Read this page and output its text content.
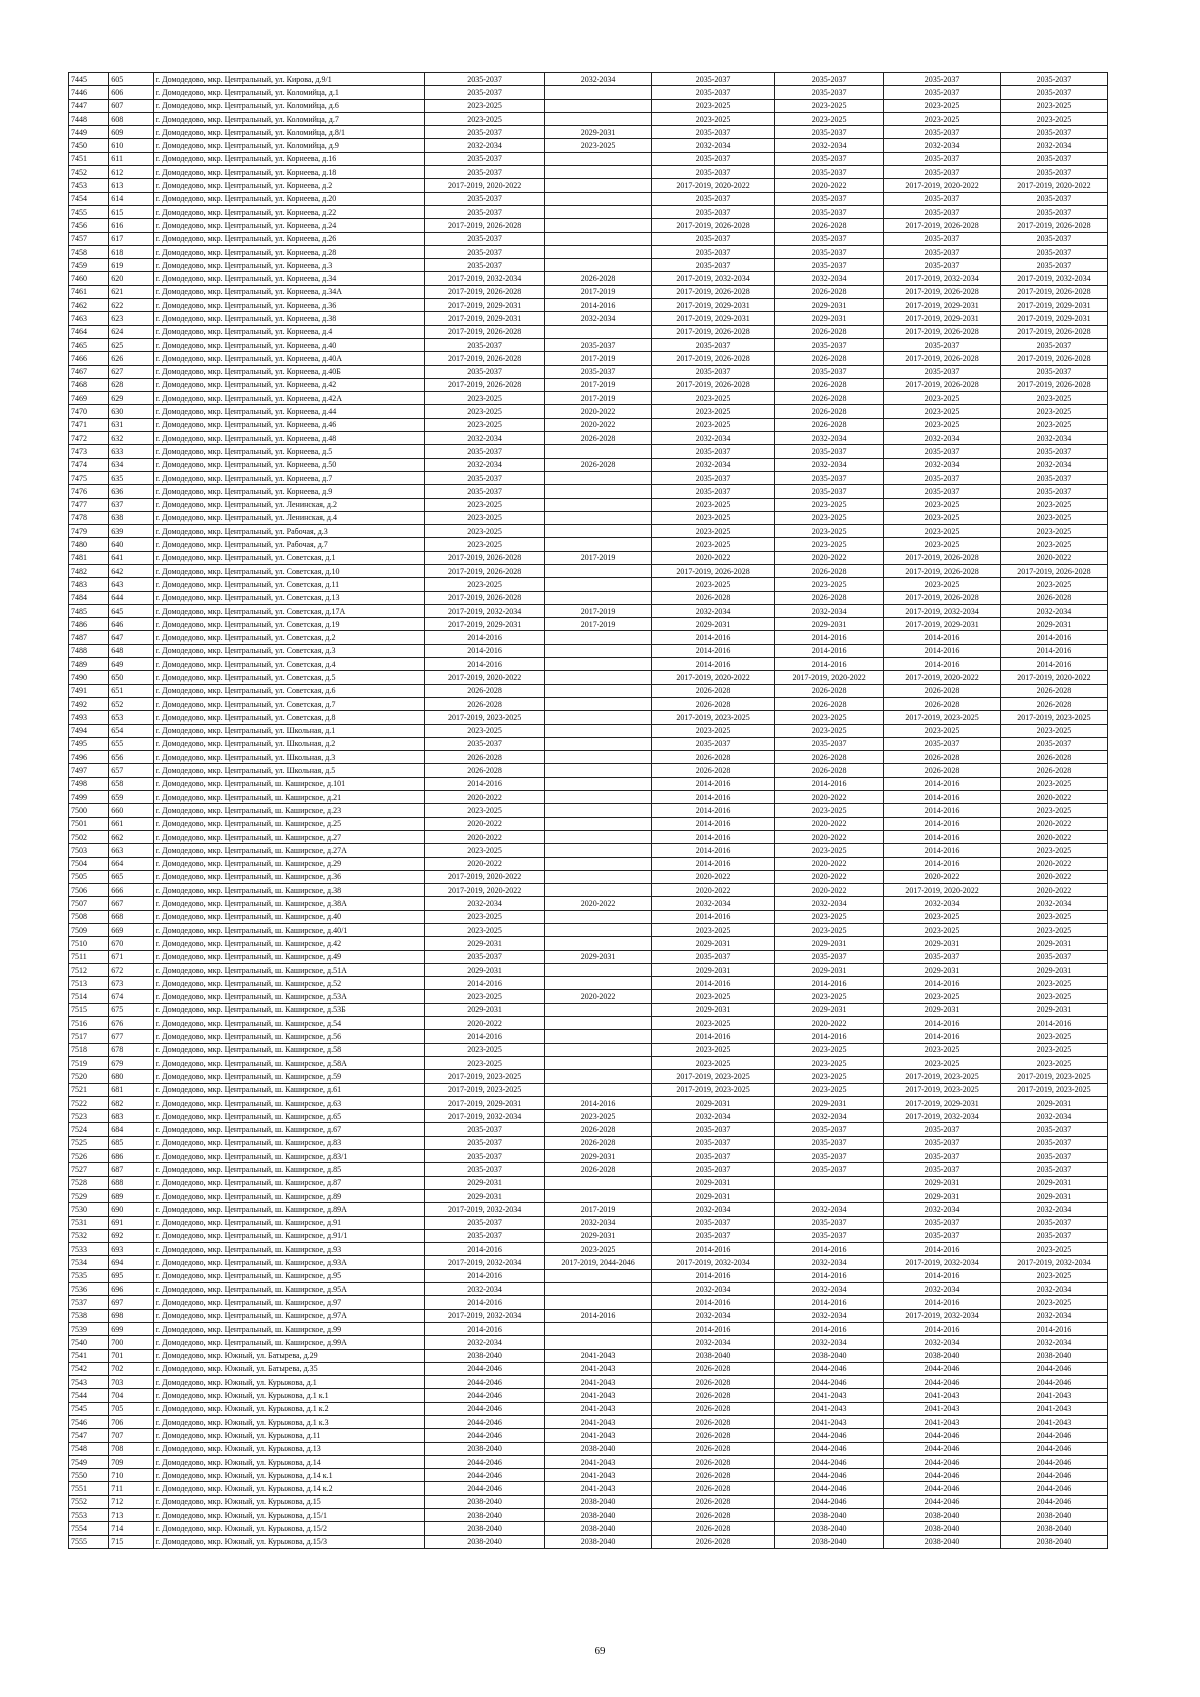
7445	605	г. Домодедово, мкр. Центральный, ул. Кирова, д.9/1	2035-2037	2032-2034	2035-2037	2035-2037	2035-2037	2035-2037
7446	606	г. Домодедово, мкр. Центральный, ул. Коломийца, д.1	2035-2037		2035-2037	2035-2037	2035-2037	2035-2037
7447	607	г. Домодедово, мкр. Центральный, ул. Коломийца, д.6	2023-2025		2023-2025	2023-2025	2023-2025	2023-2025
7448	608	г. Домодедово, мкр. Центральный, ул. Коломийца, д.7	2023-2025		2023-2025	2023-2025	2023-2025	2023-2025
7449	609	г. Домодедово, мкр. Центральный, ул. Коломийца, д.8/1	2035-2037	2029-2031	2035-2037	2035-2037	2035-2037	2035-2037
7450	610	г. Домодедово, мкр. Центральный, ул. Коломийца, д.9	2032-2034	2023-2025	2032-2034	2032-2034	2032-2034	2032-2034
7451	611	г. Домодедово, мкр. Центральный, ул. Корнеева, д.16	2035-2037		2035-2037	2035-2037	2035-2037	2035-2037
7452	612	г. Домодедово, мкр. Центральный, ул. Корнеева, д.18	2035-2037		2035-2037	2035-2037	2035-2037	2035-2037
7453	613	г. Домодедово, мкр. Центральный, ул. Корнеева, д.2	2017-2019, 2020-2022		2017-2019, 2020-2022	2020-2022	2017-2019, 2020-2022	2017-2019, 2020-2022
7454	614	г. Домодедово, мкр. Центральный, ул. Корнеева, д.20	2035-2037		2035-2037	2035-2037	2035-2037	2035-2037
7455	615	г. Домодедово, мкр. Центральный, ул. Корнеева, д.22	2035-2037		2035-2037	2035-2037	2035-2037	2035-2037
7456	616	г. Домодедово, мкр. Центральный, ул. Корнеева, д.24	2017-2019, 2026-2028		2017-2019, 2026-2028	2026-2028	2017-2019, 2026-2028	2017-2019, 2026-2028
7457	617	г. Домодедово, мкр. Центральный, ул. Корнеева, д.26	2035-2037		2035-2037	2035-2037	2035-2037	2035-2037
7458	618	г. Домодедово, мкр. Центральный, ул. Корнеева, д.28	2035-2037		2035-2037	2035-2037	2035-2037	2035-2037
7459	619	г. Домодедово, мкр. Центральный, ул. Корнеева, д.3	2035-2037		2035-2037	2035-2037	2035-2037	2035-2037
7460	620	г. Домодедово, мкр. Центральный, ул. Корнеева, д.34	2017-2019, 2032-2034	2026-2028	2017-2019, 2032-2034	2032-2034	2017-2019, 2032-2034	2017-2019, 2032-2034
7461	621	г. Домодедово, мкр. Центральный, ул. Корнеева, д.34А	2017-2019, 2026-2028	2017-2019	2017-2019, 2026-2028	2026-2028	2017-2019, 2026-2028	2017-2019, 2026-2028
7462	622	г. Домодедово, мкр. Центральный, ул. Корнеева, д.36	2017-2019, 2029-2031	2014-2016	2017-2019, 2029-2031	2029-2031	2017-2019, 2029-2031	2017-2019, 2029-2031
7463	623	г. Домодедово, мкр. Центральный, ул. Корнеева, д.38	2017-2019, 2029-2031	2032-2034	2017-2019, 2029-2031	2029-2031	2017-2019, 2029-2031	2017-2019, 2029-2031
7464	624	г. Домодедово, мкр. Центральный, ул. Корнеева, д.4	2017-2019, 2026-2028		2017-2019, 2026-2028	2026-2028	2017-2019, 2026-2028	2017-2019, 2026-2028
7465	625	г. Домодедово, мкр. Центральный, ул. Корнеева, д.40	2035-2037	2035-2037	2035-2037	2035-2037	2035-2037	2035-2037
7466	626	г. Домодедово, мкр. Центральный, ул. Корнеева, д.40А	2017-2019, 2026-2028	2017-2019	2017-2019, 2026-2028	2026-2028	2017-2019, 2026-2028	2017-2019, 2026-2028
7467	627	г. Домодедово, мкр. Центральный, ул. Корнеева, д.40Б	2035-2037	2035-2037	2035-2037	2035-2037	2035-2037	2035-2037
7468	628	г. Домодедово, мкр. Центральный, ул. Корнеева, д.42	2017-2019, 2026-2028	2017-2019	2017-2019, 2026-2028	2026-2028	2017-2019, 2026-2028	2017-2019, 2026-2028
7469	629	г. Домодедово, мкр. Центральный, ул. Корнеева, д.42А	2023-2025	2017-2019	2023-2025	2026-2028	2023-2025	2023-2025
7470	630	г. Домодедово, мкр. Центральный, ул. Корнеева, д.44	2023-2025	2020-2022	2023-2025	2026-2028	2023-2025	2023-2025
7471	631	г. Домодедово, мкр. Центральный, ул. Корнеева, д.46	2023-2025	2020-2022	2023-2025	2026-2028	2023-2025	2023-2025
7472	632	г. Домодедово, мкр. Центральный, ул. Корнеева, д.48	2032-2034	2026-2028	2032-2034	2032-2034	2032-2034	2032-2034
7473	633	г. Домодедово, мкр. Центральный, ул. Корнеева, д.5	2035-2037		2035-2037	2035-2037	2035-2037	2035-2037
7474	634	г. Домодедово, мкр. Центральный, ул. Корнеева, д.50	2032-2034	2026-2028	2032-2034	2032-2034	2032-2034	2032-2034
7475	635	г. Домодедово, мкр. Центральный, ул. Корнеева, д.7	2035-2037		2035-2037	2035-2037	2035-2037	2035-2037
7476	636	г. Домодедово, мкр. Центральный, ул. Корнеева, д.9	2035-2037		2035-2037	2035-2037	2035-2037	2035-2037
7477	637	г. Домодедово, мкр. Центральный, ул. Ленинская, д.2	2023-2025		2023-2025	2023-2025	2023-2025	2023-2025
7478	638	г. Домодедово, мкр. Центральный, ул. Ленинская, д.4	2023-2025		2023-2025	2023-2025	2023-2025	2023-2025
7479	639	г. Домодедово, мкр. Центральный, ул. Рабочая, д.3	2023-2025		2023-2025	2023-2025	2023-2025	2023-2025
7480	640	г. Домодедово, мкр. Центральный, ул. Рабочая, д.7	2023-2025		2023-2025	2023-2025	2023-2025	2023-2025
7481	641	г. Домодедово, мкр. Центральный, ул. Советская, д.1	2017-2019, 2026-2028	2017-2019	2020-2022	2020-2022	2017-2019, 2026-2028	2020-2022
7482	642	г. Домодедово, мкр. Центральный, ул. Советская, д.10	2017-2019, 2026-2028		2017-2019, 2026-2028	2026-2028	2017-2019, 2026-2028	2017-2019, 2026-2028
7483	643	г. Домодедово, мкр. Центральный, ул. Советская, д.11	2023-2025		2023-2025	2023-2025	2023-2025	2023-2025
7484	644	г. Домодедово, мкр. Центральный, ул. Советская, д.13	2017-2019, 2026-2028		2026-2028	2026-2028	2017-2019, 2026-2028	2026-2028
7485	645	г. Домодедово, мкр. Центральный, ул. Советская, д.17А	2017-2019, 2032-2034	2017-2019	2032-2034	2032-2034	2017-2019, 2032-2034	2032-2034
7486	646	г. Домодедово, мкр. Центральный, ул. Советская, д.19	2017-2019, 2029-2031	2017-2019	2029-2031	2029-2031	2017-2019, 2029-2031	2029-2031
7487	647	г. Домодедово, мкр. Центральный, ул. Советская, д.2	2014-2016		2014-2016	2014-2016	2014-2016	2014-2016
7488	648	г. Домодедово, мкр. Центральный, ул. Советская, д.3	2014-2016		2014-2016	2014-2016	2014-2016	2014-2016
7489	649	г. Домодедово, мкр. Центральный, ул. Советская, д.4	2014-2016		2014-2016	2014-2016	2014-2016	2014-2016
7490	650	г. Домодедово, мкр. Центральный, ул. Советская, д.5	2017-2019, 2020-2022		2017-2019, 2020-2022	2017-2019, 2020-2022	2017-2019, 2020-2022	2017-2019, 2020-2022
7491	651	г. Домодедово, мкр. Центральный, ул. Советская, д.6	2026-2028		2026-2028	2026-2028	2026-2028	2026-2028
7492	652	г. Домодедово, мкр. Центральный, ул. Советская, д.7	2026-2028		2026-2028	2026-2028	2026-2028	2026-2028
7493	653	г. Домодедово, мкр. Центральный, ул. Советская, д.8	2017-2019, 2023-2025		2017-2019, 2023-2025	2023-2025	2017-2019, 2023-2025	2017-2019, 2023-2025
7494	654	г. Домодедово, мкр. Центральный, ул. Школьная, д.1	2023-2025		2023-2025	2023-2025	2023-2025	2023-2025
7495	655	г. Домодедово, мкр. Центральный, ул. Школьная, д.2	2035-2037		2035-2037	2035-2037	2035-2037	2035-2037
7496	656	г. Домодедово, мкр. Центральный, ул. Школьная, д.3	2026-2028		2026-2028	2026-2028	2026-2028	2026-2028
7497	657	г. Домодедово, мкр. Центральный, ул. Школьная, д.5	2026-2028		2026-2028	2026-2028	2026-2028	2026-2028
7498	658	г. Домодедово, мкр. Центральный, ш. Каширское, д.101	2014-2016		2014-2016	2014-2016	2014-2016	2023-2025
7499	659	г. Домодедово, мкр. Центральный, ш. Каширское, д.21	2020-2022		2014-2016	2020-2022	2014-2016	2020-2022
7500	660	г. Домодедово, мкр. Центральный, ш. Каширское, д.23	2023-2025		2014-2016	2023-2025	2014-2016	2023-2025
7501	661	г. Домодедово, мкр. Центральный, ш. Каширское, д.25	2020-2022		2014-2016	2020-2022	2014-2016	2020-2022
7502	662	г. Домодедово, мкр. Центральный, ш. Каширское, д.27	2020-2022		2014-2016	2020-2022	2014-2016	2020-2022
7503	663	г. Домодедово, мкр. Центральный, ш. Каширское, д.27А	2023-2025		2014-2016	2023-2025	2014-2016	2023-2025
7504	664	г. Домодедово, мкр. Центральный, ш. Каширское, д.29	2020-2022		2014-2016	2020-2022	2014-2016	2020-2022
7505	665	г. Домодедово, мкр. Центральный, ш. Каширское, д.36	2017-2019, 2020-2022		2020-2022	2020-2022	2020-2022	2020-2022
7506	666	г. Домодедово, мкр. Центральный, ш. Каширское, д.38	2017-2019, 2020-2022		2020-2022	2020-2022	2017-2019, 2020-2022	2020-2022
7507	667	г. Домодедово, мкр. Центральный, ш. Каширское, д.38А	2032-2034	2020-2022	2032-2034	2032-2034	2032-2034	2032-2034
7508	668	г. Домодедово, мкр. Центральный, ш. Каширское, д.40	2023-2025		2014-2016	2023-2025	2023-2025	2023-2025
7509	669	г. Домодедово, мкр. Центральный, ш. Каширское, д.40/1	2023-2025		2023-2025	2023-2025	2023-2025	2023-2025
7510	670	г. Домодедово, мкр. Центральный, ш. Каширское, д.42	2029-2031		2029-2031	2029-2031	2029-2031	2029-2031
7511	671	г. Домодедово, мкр. Центральный, ш. Каширское, д.49	2035-2037	2029-2031	2035-2037	2035-2037	2035-2037	2035-2037
7512	672	г. Домодедово, мкр. Центральный, ш. Каширское, д.51А	2029-2031		2029-2031	2029-2031	2029-2031	2029-2031
7513	673	г. Домодедово, мкр. Центральный, ш. Каширское, д.52	2014-2016		2014-2016	2014-2016	2014-2016	2023-2025
7514	674	г. Домодедово, мкр. Центральный, ш. Каширское, д.53А	2023-2025	2020-2022	2023-2025	2023-2025	2023-2025	2023-2025
7515	675	г. Домодедово, мкр. Центральный, ш. Каширское, д.53Б	2029-2031		2029-2031	2029-2031	2029-2031	2029-2031
7516	676	г. Домодедово, мкр. Центральный, ш. Каширское, д.54	2020-2022		2023-2025	2020-2022	2014-2016	2014-2016
7517	677	г. Домодедово, мкр. Центральный, ш. Каширское, д.56	2014-2016		2014-2016	2014-2016	2014-2016	2023-2025
7518	678	г. Домодедово, мкр. Центральный, ш. Каширское, д.58	2023-2025		2023-2025	2023-2025	2023-2025	2023-2025
7519	679	г. Домодедово, мкр. Центральный, ш. Каширское, д.58А	2023-2025		2023-2025	2023-2025	2023-2025	2023-2025
7520	680	г. Домодедово, мкр. Центральный, ш. Каширское, д.59	2017-2019, 2023-2025		2017-2019, 2023-2025	2023-2025	2017-2019, 2023-2025	2017-2019, 2023-2025
7521	681	г. Домодедово, мкр. Центральный, ш. Каширское, д.61	2017-2019, 2023-2025		2017-2019, 2023-2025	2023-2025	2017-2019, 2023-2025	2017-2019, 2023-2025
7522	682	г. Домодедово, мкр. Центральный, ш. Каширское, д.63	2017-2019, 2029-2031	2014-2016	2029-2031	2029-2031	2017-2019, 2029-2031	2029-2031
7523	683	г. Домодедово, мкр. Центральный, ш. Каширское, д.65	2017-2019, 2032-2034	2023-2025	2032-2034	2032-2034	2017-2019, 2032-2034	2032-2034
7524	684	г. Домодедово, мкр. Центральный, ш. Каширское, д.67	2035-2037	2026-2028	2035-2037	2035-2037	2035-2037	2035-2037
7525	685	г. Домодедово, мкр. Центральный, ш. Каширское, д.83	2035-2037	2026-2028	2035-2037	2035-2037	2035-2037	2035-2037
7526	686	г. Домодедово, мкр. Центральный, ш. Каширское, д.83/1	2035-2037	2029-2031	2035-2037	2035-2037	2035-2037	2035-2037
7527	687	г. Домодедово, мкр. Центральный, ш. Каширское, д.85	2035-2037	2026-2028	2035-2037	2035-2037	2035-2037	2035-2037
7528	688	г. Домодедово, мкр. Центральный, ш. Каширское, д.87	2029-2031		2029-2031		2029-2031	2029-2031
7529	689	г. Домодедово, мкр. Центральный, ш. Каширское, д.89	2029-2031		2029-2031		2029-2031	2029-2031
7530	690	г. Домодедово, мкр. Центральный, ш. Каширское, д.89А	2017-2019, 2032-2034	2017-2019	2032-2034	2032-2034	2032-2034	2032-2034
7531	691	г. Домодедово, мкр. Центральный, ш. Каширское, д.91	2035-2037	2032-2034	2035-2037	2035-2037	2035-2037	2035-2037
7532	692	г. Домодедово, мкр. Центральный, ш. Каширское, д.91/1	2035-2037	2029-2031	2035-2037	2035-2037	2035-2037	2035-2037
7533	693	г. Домодедово, мкр. Центральный, ш. Каширское, д.93	2014-2016	2023-2025	2014-2016	2014-2016	2014-2016	2023-2025
7534	694	г. Домодедово, мкр. Центральный, ш. Каширское, д.93А	2017-2019, 2032-2034	2017-2019, 2044-2046	2017-2019, 2032-2034	2032-2034	2017-2019, 2032-2034	2017-2019, 2032-2034
7535	695	г. Домодедово, мкр. Центральный, ш. Каширское, д.95	2014-2016		2014-2016	2014-2016	2014-2016	2023-2025
7536	696	г. Домодедово, мкр. Центральный, ш. Каширское, д.95А	2032-2034		2032-2034	2032-2034	2032-2034	2032-2034
7537	697	г. Домодедово, мкр. Центральный, ш. Каширское, д.97	2014-2016		2014-2016	2014-2016	2014-2016	2023-2025
7538	698	г. Домодедово, мкр. Центральный, ш. Каширское, д.97А	2017-2019, 2032-2034	2014-2016	2032-2034	2032-2034	2017-2019, 2032-2034	2032-2034
7539	699	г. Домодедово, мкр. Центральный, ш. Каширское, д.99	2014-2016		2014-2016	2014-2016	2014-2016	2014-2016
7540	700	г. Домодедово, мкр. Центральный, ш. Каширское, д.99А	2032-2034		2032-2034	2032-2034	2032-2034	2032-2034
7541	701	г. Домодедово, мкр. Южный, ул. Батырева, д.29	2038-2040	2041-2043	2038-2040	2038-2040	2038-2040	2038-2040
7542	702	г. Домодедово, мкр. Южный, ул. Батырева, д.35	2044-2046	2041-2043	2026-2028	2044-2046	2044-2046	2044-2046
7543	703	г. Домодедово, мкр. Южный, ул. Курыжова, д.1	2044-2046	2041-2043	2026-2028	2044-2046	2044-2046	2044-2046
7544	704	г. Домодедово, мкр. Южный, ул. Курыжова, д.1 к.1	2044-2046	2041-2043	2026-2028	2041-2043	2041-2043	2041-2043
7545	705	г. Домодедово, мкр. Южный, ул. Курыжова, д.1 к.2	2044-2046	2041-2043	2026-2028	2041-2043	2041-2043	2041-2043
7546	706	г. Домодедово, мкр. Южный, ул. Курыжова, д.1 к.3	2044-2046	2041-2043	2026-2028	2041-2043	2041-2043	2041-2043
7547	707	г. Домодедово, мкр. Южный, ул. Курыжова, д.11	2044-2046	2041-2043	2026-2028	2044-2046	2044-2046	2044-2046
7548	708	г. Домодедово, мкр. Южный, ул. Курыжова, д.13	2038-2040	2038-2040	2026-2028	2044-2046	2044-2046	2044-2046
7549	709	г. Домодедово, мкр. Южный, ул. Курыжова, д.14	2044-2046	2041-2043	2026-2028	2044-2046	2044-2046	2044-2046
7550	710	г. Домодедово, мкр. Южный, ул. Курыжова, д.14 к.1	2044-2046	2041-2043	2026-2028	2044-2046	2044-2046	2044-2046
7551	711	г. Домодедово, мкр. Южный, ул. Курыжова, д.14 к.2	2044-2046	2041-2043	2026-2028	2044-2046	2044-2046	2044-2046
7552	712	г. Домодедово, мкр. Южный, ул. Курыжова, д.15	2038-2040	2038-2040	2026-2028	2044-2046	2044-2046	2044-2046
7553	713	г. Домодедово, мкр. Южный, ул. Курыжова, д.15/1	2038-2040	2038-2040	2026-2028	2038-2040	2038-2040	2038-2040
7554	714	г. Домодедово, мкр. Южный, ул. Курыжова, д.15/2	2038-2040	2038-2040	2026-2028	2038-2040	2038-2040	2038-2040
7555	715	г. Домодедово, мкр. Южный, ул. Курыжова, д.15/3	2038-2040	2038-2040	2026-2028	2038-2040	2038-2040	2038-2040
69
